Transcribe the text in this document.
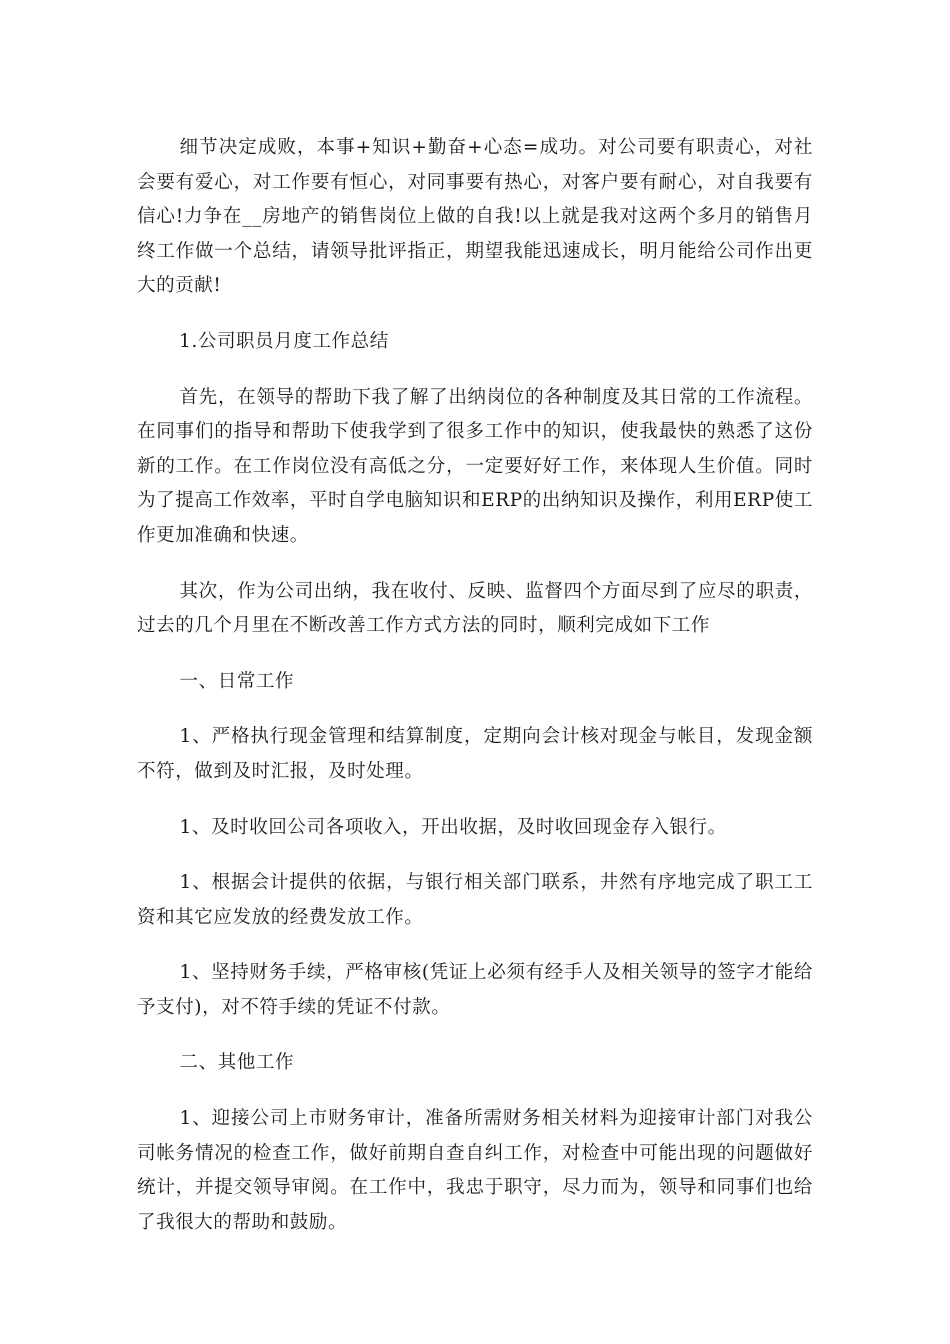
细节决定成败，本事+知识+勤奋+心态=成功。对公司要有职责心，对社会要有爱心，对工作要有恒心，对同事要有热心，对客户要有耐心，对自我要有信心!力争在__房地产的销售岗位上做的自我!以上就是我对这两个多月的销售月终工作做一个总结，请领导批评指正，期望我能迅速成长，明月能给公司作出更大的贡献!

1.公司职员月度工作总结

首先，在领导的帮助下我了解了出纳岗位的各种制度及其日常的工作流程。在同事们的指导和帮助下使我学到了很多工作中的知识，使我最快的熟悉了这份新的工作。在工作岗位没有高低之分，一定要好好工作，来体现人生价值。同时为了提高工作效率，平时自学电脑知识和ERP的出纳知识及操作，利用ERP使工作更加准确和快速。

其次，作为公司出纳，我在收付、反映、监督四个方面尽到了应尽的职责，过去的几个月里在不断改善工作方式方法的同时，顺利完成如下工作

一、日常工作

1、严格执行现金管理和结算制度，定期向会计核对现金与帐目，发现金额不符，做到及时汇报，及时处理。

1、及时收回公司各项收入，开出收据，及时收回现金存入银行。

1、根据会计提供的依据，与银行相关部门联系，井然有序地完成了职工工资和其它应发放的经费发放工作。

1、坚持财务手续，严格审核(凭证上必须有经手人及相关领导的签字才能给予支付)，对不符手续的凭证不付款。

二、其他工作

1、迎接公司上市财务审计，准备所需财务相关材料为迎接审计部门对我公司帐务情况的检查工作，做好前期自查自纠工作，对检查中可能出现的问题做好统计，并提交领导审阅。在工作中，我忠于职守，尽力而为，领导和同事们也给了我很大的帮助和鼓励。
